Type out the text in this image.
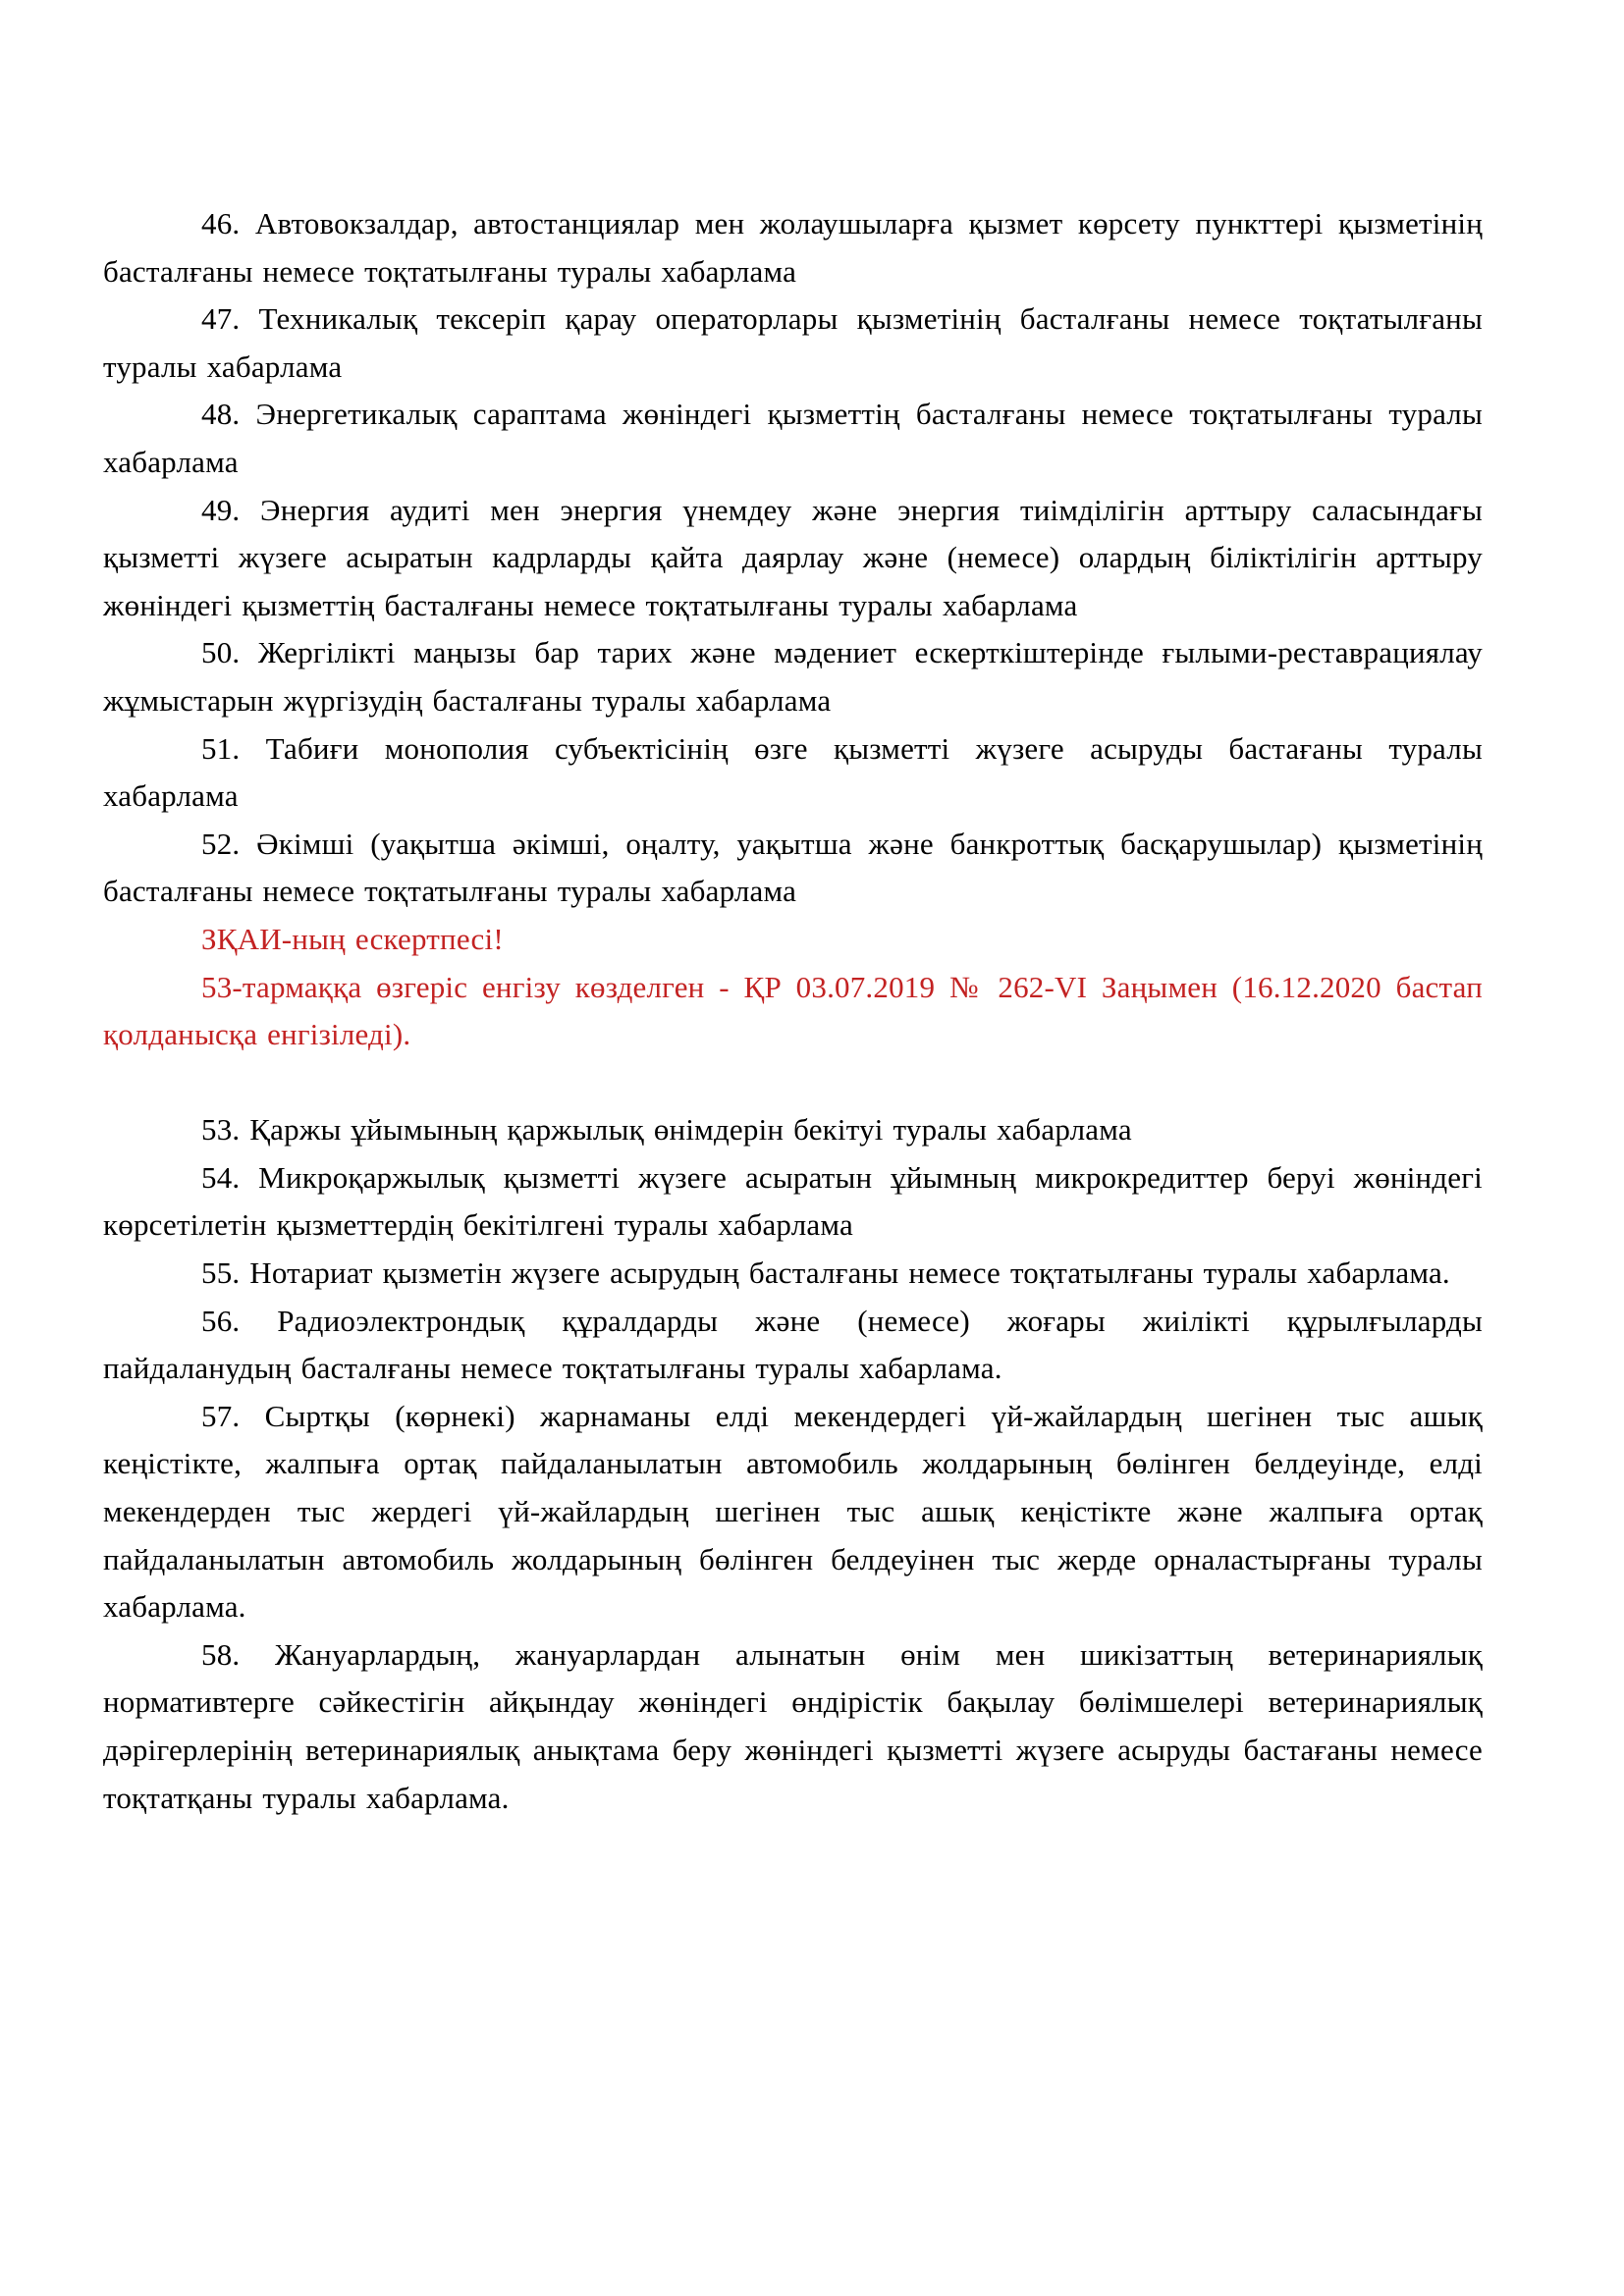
46. Автовокзалдар, автостанциялар мен жолаушыларға қызмет көрсету пункттері қызметінің басталғаны немесе тоқтатылғаны туралы хабарлама

47. Техникалық тексеріп қарау операторлары қызметінің басталғаны немесе тоқтатылғаны туралы хабарлама

48. Энергетикалық сараптама жөніндегі қызметтің басталғаны немесе тоқтатылғаны туралы хабарлама

49. Энергия аудиті мен энергия үнемдеу және энергия тиімділігін арттыру саласындағы қызметті жүзеге асыратын кадрларды қайта даярлау және (немесе) олардың біліктілігін арттыру жөніндегі қызметтің басталғаны немесе тоқтатылғаны туралы хабарлама

50. Жергілікті маңызы бар тарих және мәдениет ескерткіштерінде ғылыми-реставрациялау жұмыстарын жүргізудің басталғаны туралы хабарлама

51. Табиғи монополия субъектісінің өзге қызметті жүзеге асыруды бастағаны туралы хабарлама

52. Әкімші (уақытша әкімші, оңалту, уақытша және банкроттық басқарушылар) қызметінің басталғаны немесе тоқтатылғаны туралы хабарлама

ЗҚАИ-ның ескертпесі!

53-тармаққа өзгеріс енгізу көзделген - ҚР 03.07.2019 № 262-VI Заңымен (16.12.2020 бастап қолданысқа енгізіледі).

53. Қаржы ұйымының қаржылық өнімдерін бекітуі туралы хабарлама

54. Микроқаржылық қызметті жүзеге асыратын ұйымның микрокредиттер беруі жөніндегі көрсетілетін қызметтердің бекітілгені туралы хабарлама

55. Нотариат қызметін жүзеге асырудың басталғаны немесе тоқтатылғаны туралы хабарлама.

56. Радиоэлектрондық құралдарды және (немесе) жоғары жиілікті құрылғыларды пайдаланудың басталғаны немесе тоқтатылғаны туралы хабарлама.

57. Сыртқы (көрнекі) жарнаманы елді мекендердегі үй-жайлардың шегінен тыс ашық кеңістікте, жалпыға ортақ пайдаланылатын автомобиль жолдарының бөлінген белдеуінде, елді мекендерден тыс жердегі үй-жайлардың шегінен тыс ашық кеңістікте және жалпыға ортақ пайдаланылатын автомобиль жолдарының бөлінген белдеуінен тыс жерде орналастырғаны туралы хабарлама.

58. Жануарлардың, жануарлардан алынатын өнім мен шикізаттың ветеринариялық нормативтерге сәйкестігін айқындау жөніндегі өндірістік бақылау бөлімшелері ветеринариялық дәрігерлерінің ветеринариялық анықтама беру жөніндегі қызметті жүзеге асыруды бастағаны немесе тоқтатқаны туралы хабарлама.
